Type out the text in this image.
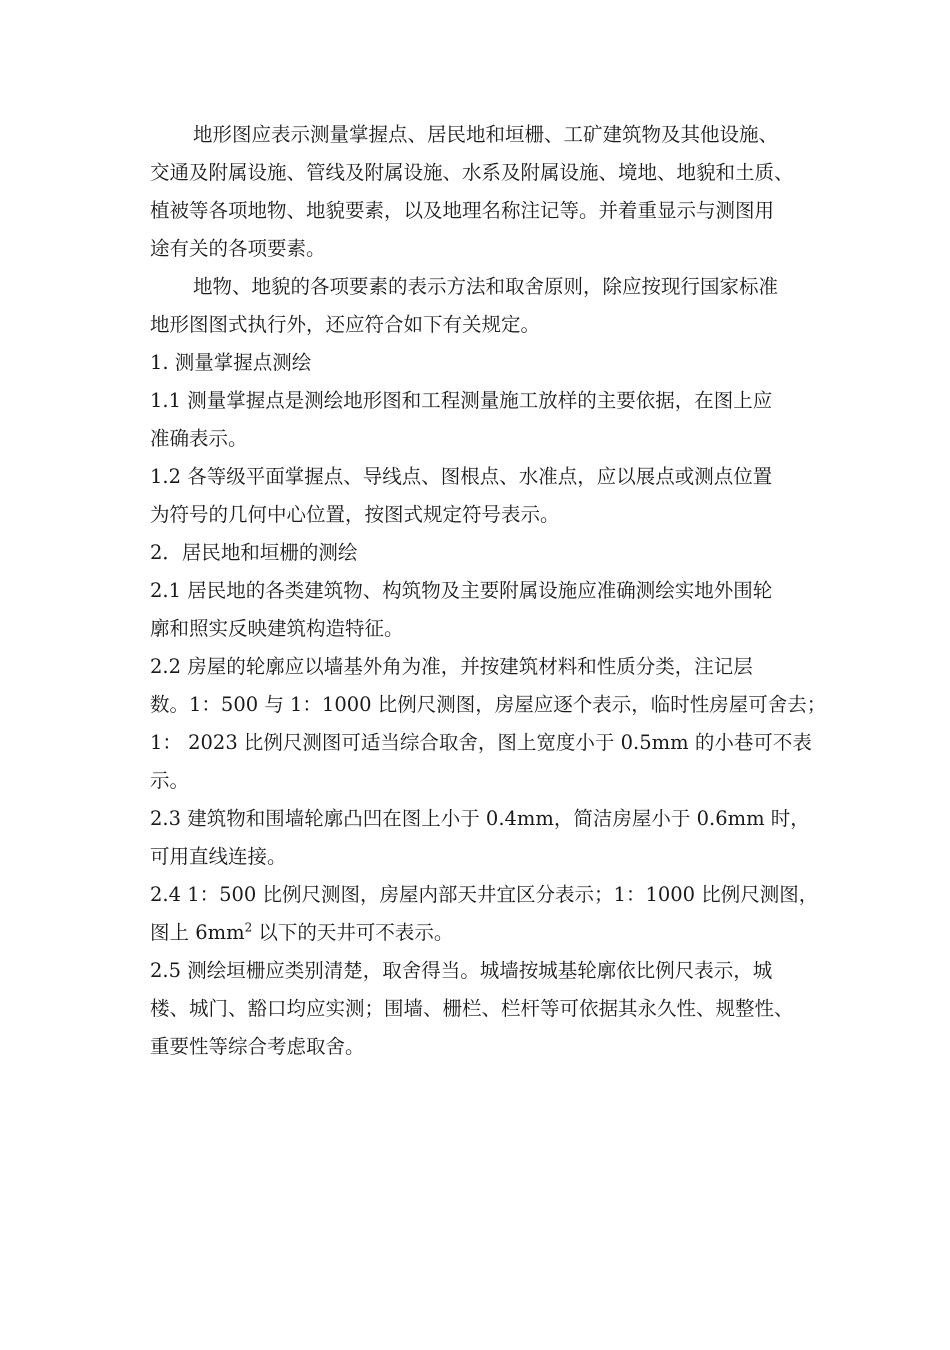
地形图应表示测量掌握点、居民地和垣栅、工矿建筑物及其他设施、
交通及附属设施、管线及附属设施、水系及附属设施、境地、地貌和土质、
植被等各项地物、地貌要素，以及地理名称注记等。并着重显示与测图用
途有关的各项要素。
地物、地貌的各项要素的表示方法和取舍原则，除应按现行国家标准
地形图图式执行外，还应符合如下有关规定。
1. 测量掌握点测绘
1.1 测量掌握点是测绘地形图和工程测量施工放样的主要依据，在图上应
准确表示。
1.2 各等级平面掌握点、导线点、图根点、水准点，应以展点或测点位置
为符号的几何中心位置，按图式规定符号表示。
2．居民地和垣栅的测绘
2.1 居民地的各类建筑物、构筑物及主要附属设施应准确测绘实地外围轮
廓和照实反映建筑构造特征。
2.2 房屋的轮廓应以墙基外角为准，并按建筑材料和性质分类，注记层
数。1：500 与 1：1000 比例尺测图，房屋应逐个表示，临时性房屋可舍去；
1： 2023 比例尺测图可适当综合取舍，图上宽度小于 0.5mm 的小巷可不表
示。
2.3 建筑物和围墙轮廓凸凹在图上小于 0.4mm，简洁房屋小于 0.6mm 时，
可用直线连接。
2.4 1：500 比例尺测图，房屋内部天井宜区分表示；1：1000 比例尺测图，
图上 $6mm^2$ 以下的天井可不表示。
2.5 测绘垣栅应类别清楚，取舍得当。城墙按城基轮廓依比例尺表示，城
楼、城门、豁口均应实测；围墙、栅栏、栏杆等可依据其永久性、规整性、
重要性等综合考虑取舍。
